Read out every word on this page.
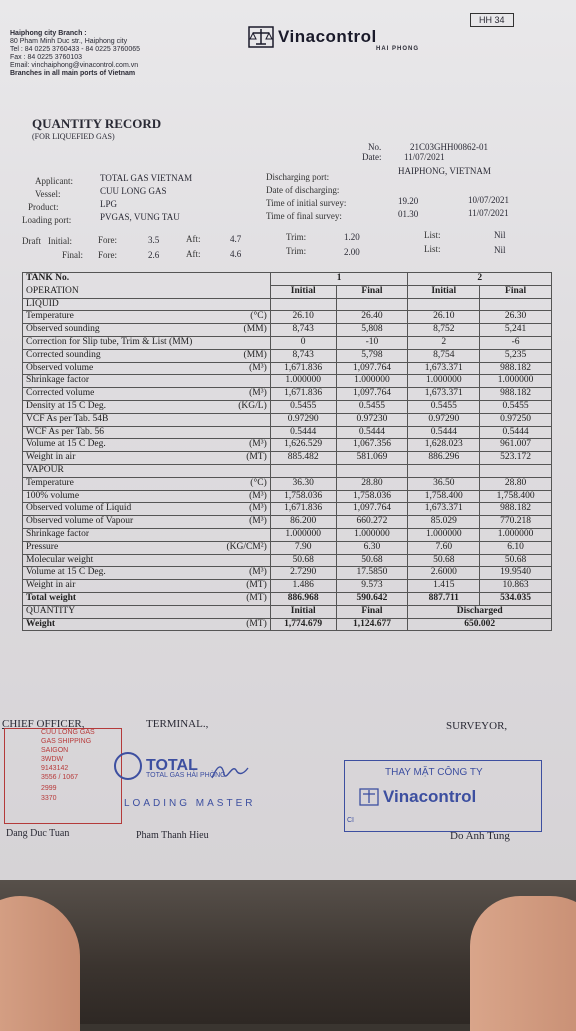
Haiphong city Branch :
80 Pham Minh Duc str., Haiphong city
Tel : 84 0225 3760433 - 84 0225 3760065
Fax : 84 0225 3760103
Email: vinchaiphong@vinacontrol.com.vn
Branches in all main ports of Vietnam
HH 34
Vinacontrol
HAI PHONG
QUANTITY RECORD
(FOR LIQUEFIED GAS)
No.	21C03GHH00862-01
Date:	11/07/2021
Applicant:	TOTAL GAS VIETNAM
Vessel:	CUU LONG GAS
Product:	LPG
Loading port:	PVGAS, VUNG TAU
Discharging port:
HAIPHONG, VIETNAM
Date of discharging:
Time of initial survey:	19.20	10/07/2021
Time of final survey:	01.30	11/07/2021
Draft Initial:	Fore:	3.5	Aft:	4.7	Trim:	1.20	List:	Nil
Final: Fore:	2.6	Aft:	4.6	Trim:	2.00	List:	Nil
TANK No.		1		2	
OPERATION		Initial	Final	Initial	Final
LIQUID					
Temperature	(°C)	26.10	26.40	26.10	26.30
Observed sounding	(MM)	8,743	5,808	8,752	5,241
Correction for Slip tube, Trim & List (MM)		0	-10	2	-6
Corrected sounding	(MM)	8,743	5,798	8,754	5,235
Observed volume	(M³)	1,671.836	1,097.764	1,673.371	988.182
Shrinkage factor		1.000000	1.000000	1.000000	1.000000
Corrected volume	(M³)	1,671.836	1,097.764	1,673.371	988.182
Density at 15 C Deg.	(KG/L)	0.5455	0.5455	0.5455	0.5455
VCF As per Tab. 54B		0.97290	0.97230	0.97290	0.97250
WCF As per Tab. 56		0.5444	0.5444	0.5444	0.5444
Volume at 15 C Deg.	(M³)	1,626.529	1,067.356	1,628.023	961.007
Weight in air	(MT)	885.482	581.069	886.296	523.172
VAPOUR					
Temperature	(°C)	36.30	28.80	36.50	28.80
100% volume	(M³)	1,758.036	1,758.036	1,758.400	1,758.400
Observed volume of Liquid	(M³)	1,671.836	1,097.764	1,673.371	988.182
Observed volume of Vapour	(M³)	86.200	660.272	85.029	770.218
Shrinkage factor		1.000000	1.000000	1.000000	1.000000
Pressure	(KG/CM²)	7.90	6.30	7.60	6.10
Molecular weight		50.68	50.68	50.68	50.68
Volume at 15 C Deg.	(M³)	2.7290	17.5850	2.6000	19.9540
Weight in air	(MT)	1.486	9.573	1.415	10.863
Total weight	(MT)	886.968	590.642	887.711	534.035
QUANTITY		Initial	Final	Discharged	
Weight	(MT)	1,774.679	1,124.677	650.002	
CHIEF OFFICER,	TERMINAL.,	SURVEYOR,
CUU LONG GAS
GAS SHIPPING
SAIGON
3WDW
9143142
3556 / 1067
2999
3370
TOTAL
TOTAL GAS HẢI PHÒNG
LOADING MASTER
THAY MẶT CÔNG TY
Vinacontrol
CI
Dang Duc Tuan	Pham Thanh Hieu	Do Anh Tung
